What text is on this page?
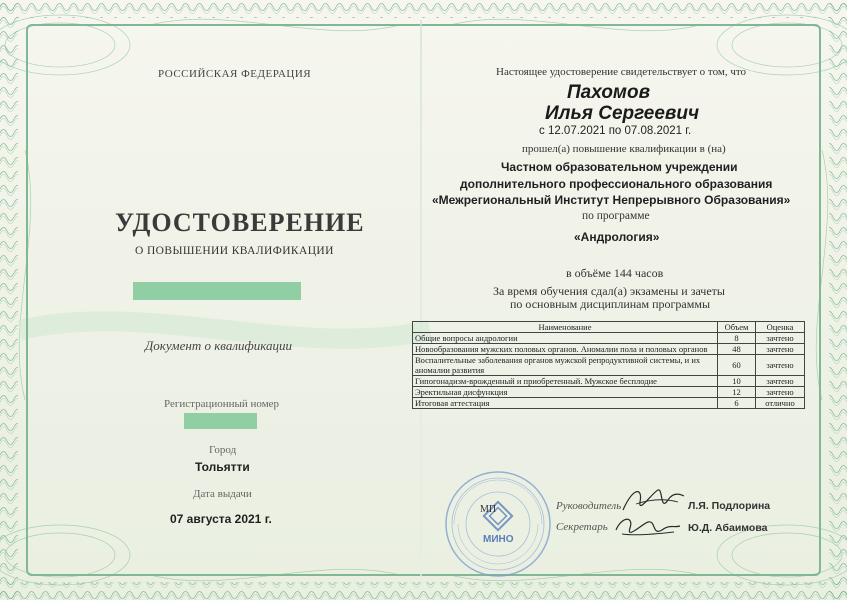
РОССИЙСКАЯ ФЕДЕРАЦИЯ
УДОСТОВЕРЕНИЕ
О ПОВЫШЕНИИ КВАЛИФИКАЦИИ
Документ о квалификации
Регистрационный номер
Город
Тольятти
Дата выдачи
07 августа 2021 г.
Настоящее удостоверение свидетельствует о том, что
Пахомов
Илья Сергеевич
с 12.07.2021 по 07.08.2021 г.
прошел(а) повышение квалификации в (на)
Частном образовательном учреждении
дополнительного профессионального образования
«Межрегиональный Институт Непрерывного Образования»
по программе
«Андрология»
в объёме 144 часов
За время обучения сдал(а) экзамены и зачеты
по основным дисциплинам программы
Наименование	Объем	Оценка
Общие вопросы андрологии	8	зачтено
Новообразования мужских половых органов. Аномалии пола и половых органов	48	зачтено
Воспалительные заболевания органов мужской репродуктивной системы, и их аномалии развития	60	зачтено
Гипогонадизм-врожденный и приобретенный. Мужское бесплодие	10	зачтено
Эректильная дисфункция	12	зачтено
Итоговая аттестация	6	отлично
МП
МИНО
Руководитель	Л.Я. Подлорина
Секретарь	Ю.Д. Абаимова
